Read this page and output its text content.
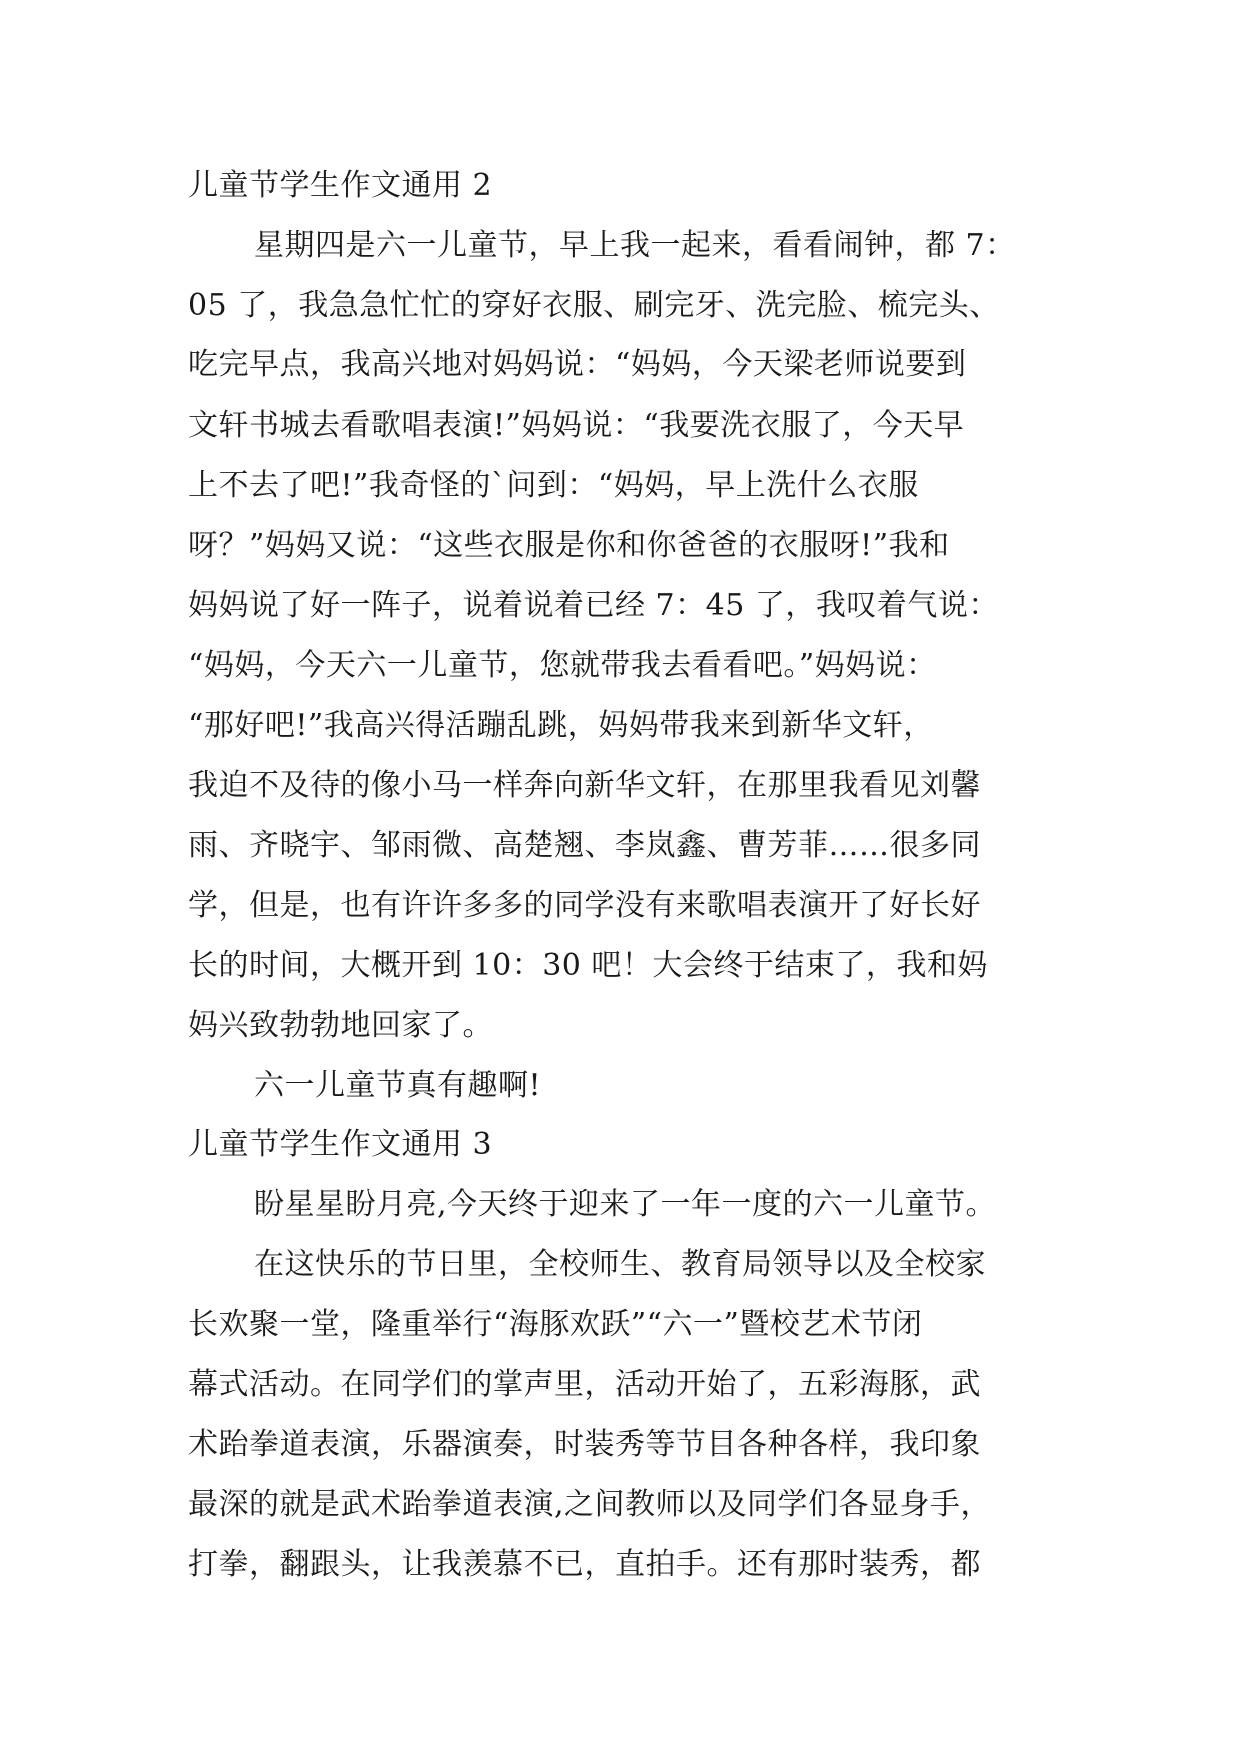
儿童节学生作文通用 2
星期四是六一儿童节，早上我一起来，看看闹钟，都 7：
05 了，我急急忙忙的穿好衣服、刷完牙、洗完脸、梳完头、
吃完早点，我高兴地对妈妈说：“妈妈，今天梁老师说要到
文轩书城去看歌唱表演!”妈妈说：“我要洗衣服了，今天早
上不去了吧!”我奇怪的`问到：“妈妈，早上洗什么衣服
呀？”妈妈又说：“这些衣服是你和你爸爸的衣服呀!”我和
妈妈说了好一阵子，说着说着已经 7：45 了，我叹着气说：
“妈妈，今天六一儿童节，您就带我去看看吧。”妈妈说：
“那好吧!”我高兴得活蹦乱跳，妈妈带我来到新华文轩，
我迫不及待的像小马一样奔向新华文轩，在那里我看见刘馨
雨、齐晓宇、邹雨微、高楚翘、李岚鑫、曹芳菲……很多同
学，但是，也有许许多多的同学没有来歌唱表演开了好长好
长的时间，大概开到 10：30 吧！大会终于结束了，我和妈
妈兴致勃勃地回家了。
六一儿童节真有趣啊!
儿童节学生作文通用 3
盼星星盼月亮,今天终于迎来了一年一度的六一儿童节。
在这快乐的节日里，全校师生、教育局领导以及全校家
长欢聚一堂，隆重举行“海豚欢跃”“六一”暨校艺术节闭
幕式活动。在同学们的掌声里，活动开始了，五彩海豚，武
术跆拳道表演，乐器演奏，时装秀等节目各种各样，我印象
最深的就是武术跆拳道表演,之间教师以及同学们各显身手，
打拳，翻跟头，让我羡慕不已，直拍手。还有那时装秀，都
